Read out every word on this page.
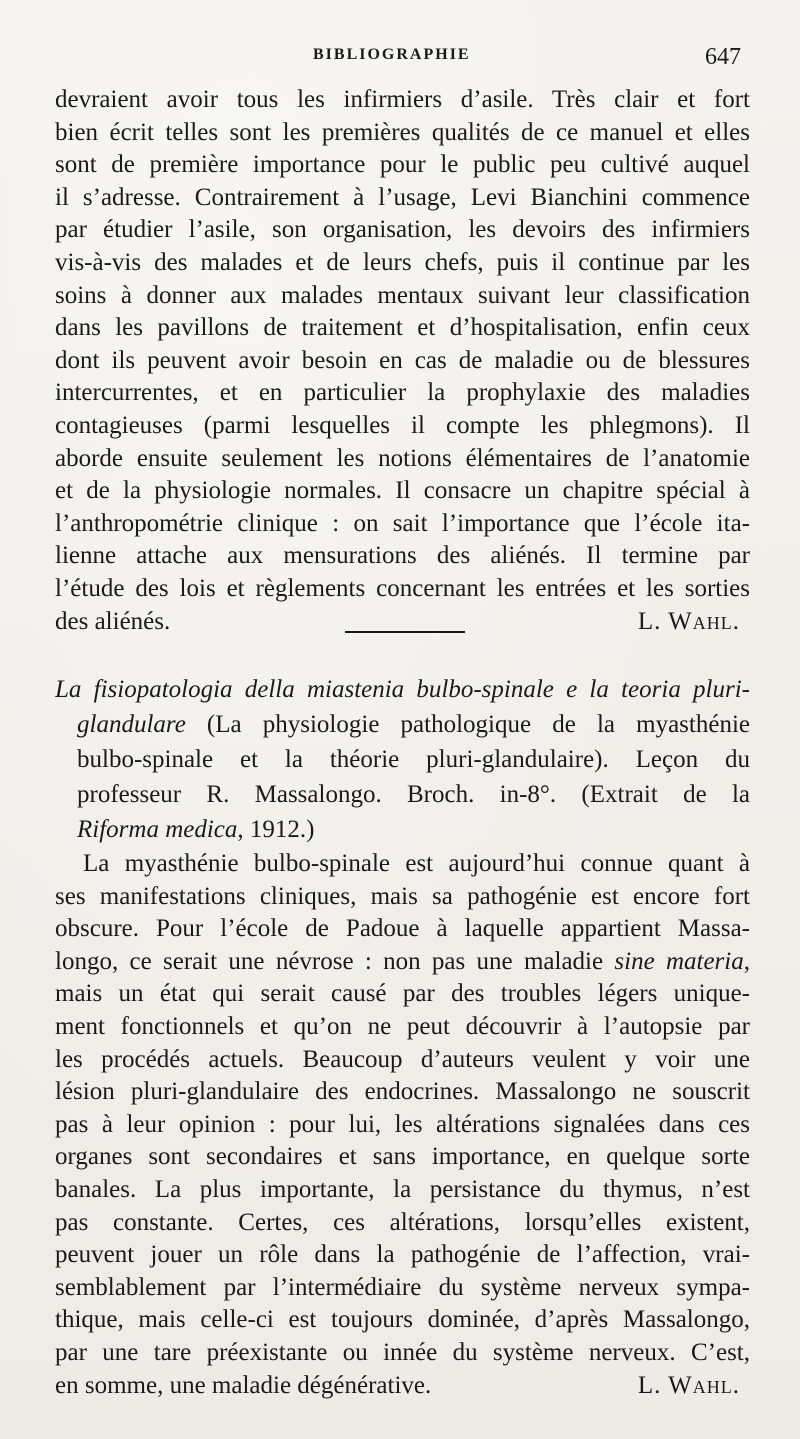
BIBLIOGRAPHIE	647
devraient avoir tous les infirmiers d’asile. Très clair et fort
bien écrit telles sont les premières qualités de ce manuel et elles
sont de première importance pour le public peu cultivé auquel
il s’adresse. Contrairement à l’usage, Levi Bianchini commence
par étudier l’asile, son organisation, les devoirs des infirmiers
vis-à-vis des malades et de leurs chefs, puis il continue par les
soins à donner aux malades mentaux suivant leur classification
dans les pavillons de traitement et d’hospitalisation, enfin ceux
dont ils peuvent avoir besoin en cas de maladie ou de blessures
intercurrentes, et en particulier la prophylaxie des maladies
contagieuses (parmi lesquelles il compte les phlegmons). Il
aborde ensuite seulement les notions élémentaires de l’anatomie
et de la physiologie normales. Il consacre un chapitre spécial à
l’anthropométrie clinique : on sait l’importance que l’école ita-
lienne attache aux mensurations des aliénés. Il termine par
l’étude des lois et règlements concernant les entrées et les sorties
des aliénés.	L. Wahl.
La fisiopatologia della miastenia bulbo-spinale e la teoria pluri-
glandulare (La physiologie pathologique de la myasthénie
bulbo-spinale et la théorie pluri-glandulaire). Leçon du
professeur R. Massalongo. Broch. in-8°. (Extrait de la
Riforma medica, 1912.)
La myasthénie bulbo-spinale est aujourd’hui connue quant à
ses manifestations cliniques, mais sa pathogénie est encore fort
obscure. Pour l’école de Padoue à laquelle appartient Massa-
longo, ce serait une névrose : non pas une maladie sine materia,
mais un état qui serait causé par des troubles légers unique-
ment fonctionnels et qu’on ne peut découvrir à l’autopsie par
les procédés actuels. Beaucoup d’auteurs veulent y voir une
lésion pluri-glandulaire des endocrines. Massalongo ne souscrit
pas à leur opinion : pour lui, les altérations signalées dans ces
organes sont secondaires et sans importance, en quelque sorte
banales. La plus importante, la persistance du thymus, n’est
pas constante. Certes, ces altérations, lorsqu’elles existent,
peuvent jouer un rôle dans la pathogénie de l’affection, vrai-
semblablement par l’intermédiaire du système nerveux sympa-
thique, mais celle-ci est toujours dominée, d’après Massalongo,
par une tare préexistante ou innée du système nerveux. C’est,
en somme, une maladie dégénérative.	L. Wahl.
